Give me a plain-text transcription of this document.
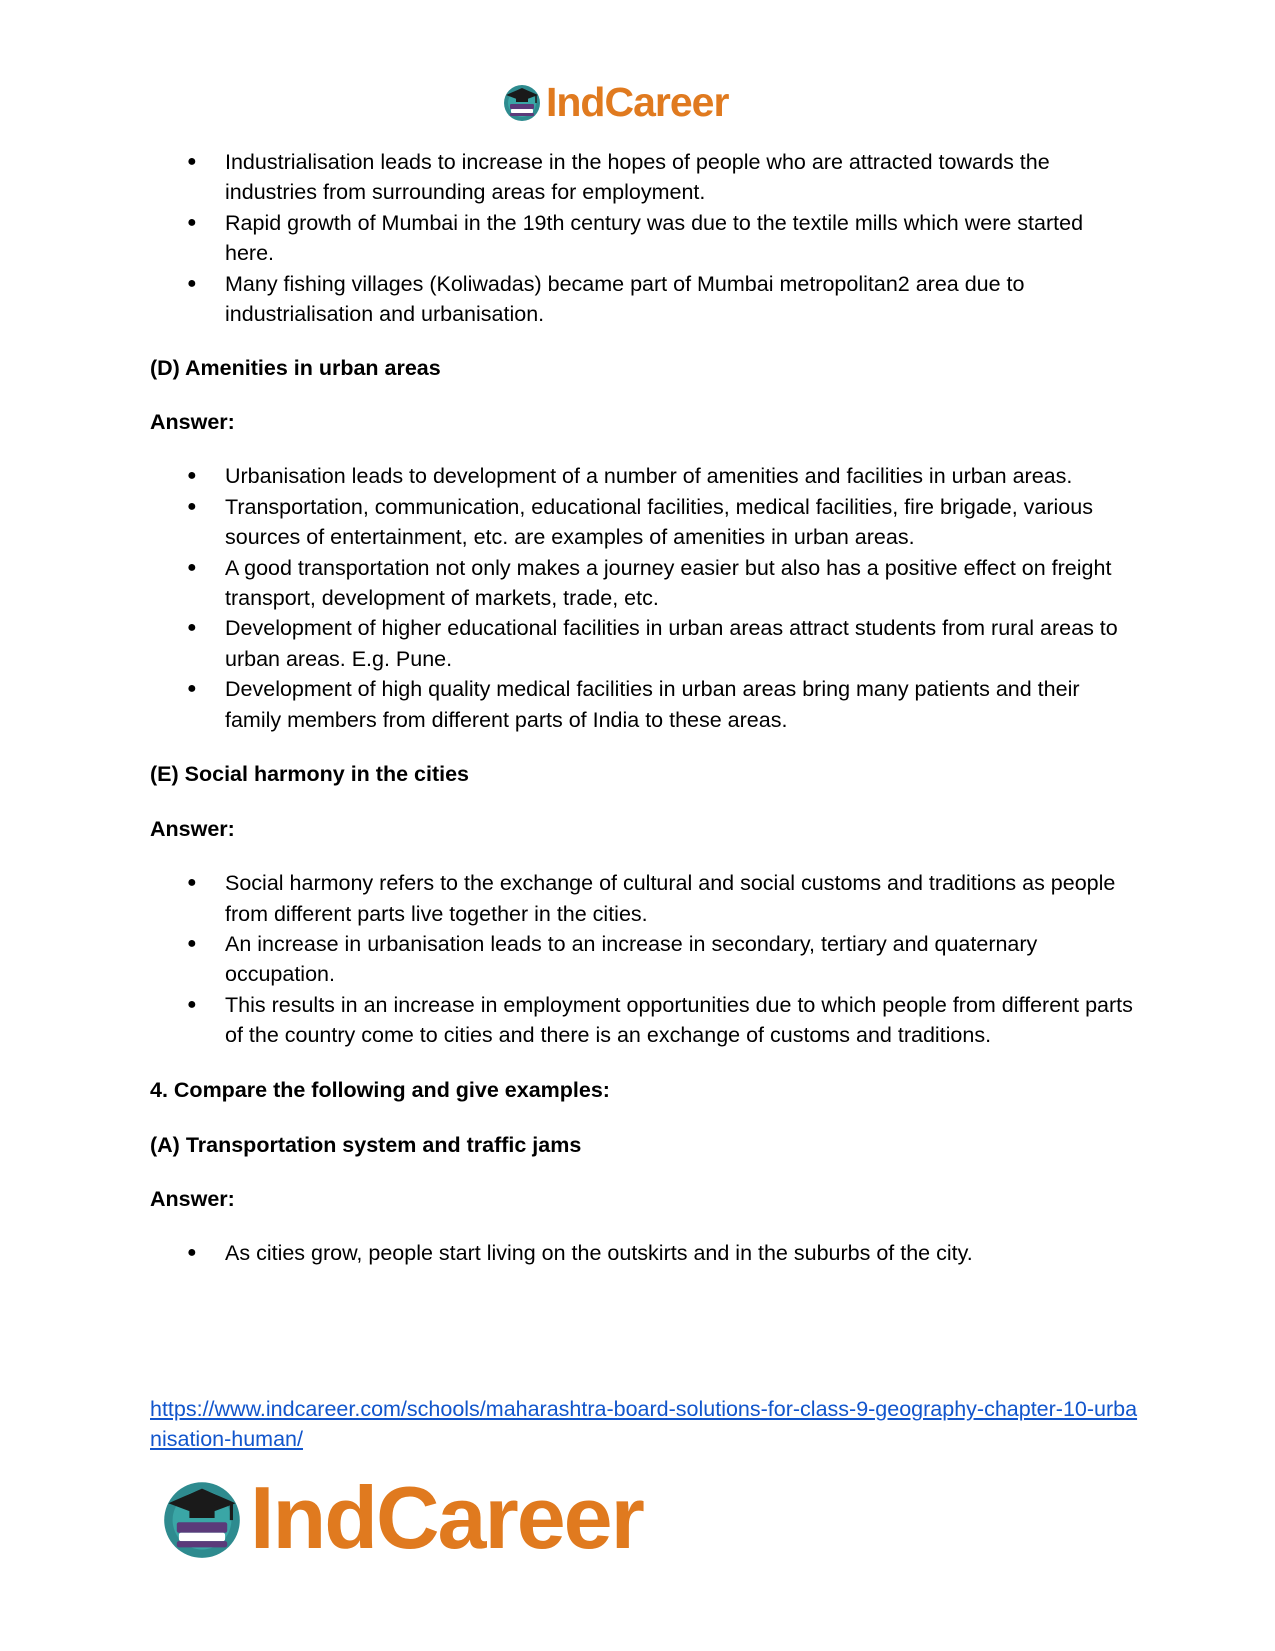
IndCareer
● Industrialisation leads to increase in the hopes of people who are attracted towards the industries from surrounding areas for employment.
● Rapid growth of Mumbai in the 19th century was due to the textile mills which were started here.
● Many fishing villages (Koliwadas) became part of Mumbai metropolitan2 area due to industrialisation and urbanisation.

(D) Amenities in urban areas

Answer:

● Urbanisation leads to development of a number of amenities and facilities in urban areas.
● Transportation, communication, educational facilities, medical facilities, fire brigade, various sources of entertainment, etc. are examples of amenities in urban areas.
● A good transportation not only makes a journey easier but also has a positive effect on freight transport, development of markets, trade, etc.
● Development of higher educational facilities in urban areas attract students from rural areas to urban areas. E.g. Pune.
● Development of high quality medical facilities in urban areas bring many patients and their family members from different parts of India to these areas.

(E) Social harmony in the cities

Answer:

● Social harmony refers to the exchange of cultural and social customs and traditions as people from different parts live together in the cities.
● An increase in urbanisation leads to an increase in secondary, tertiary and quaternary occupation.
● This results in an increase in employment opportunities due to which people from different parts of the country come to cities and there is an exchange of customs and traditions.

4. Compare the following and give examples:

(A) Transportation system and traffic jams

Answer:

● As cities grow, people start living on the outskirts and in the suburbs of the city.
https://www.indcareer.com/schools/maharashtra-board-solutions-for-class-9-geography-chapter-10-urbanisation-human/
IndCareer
